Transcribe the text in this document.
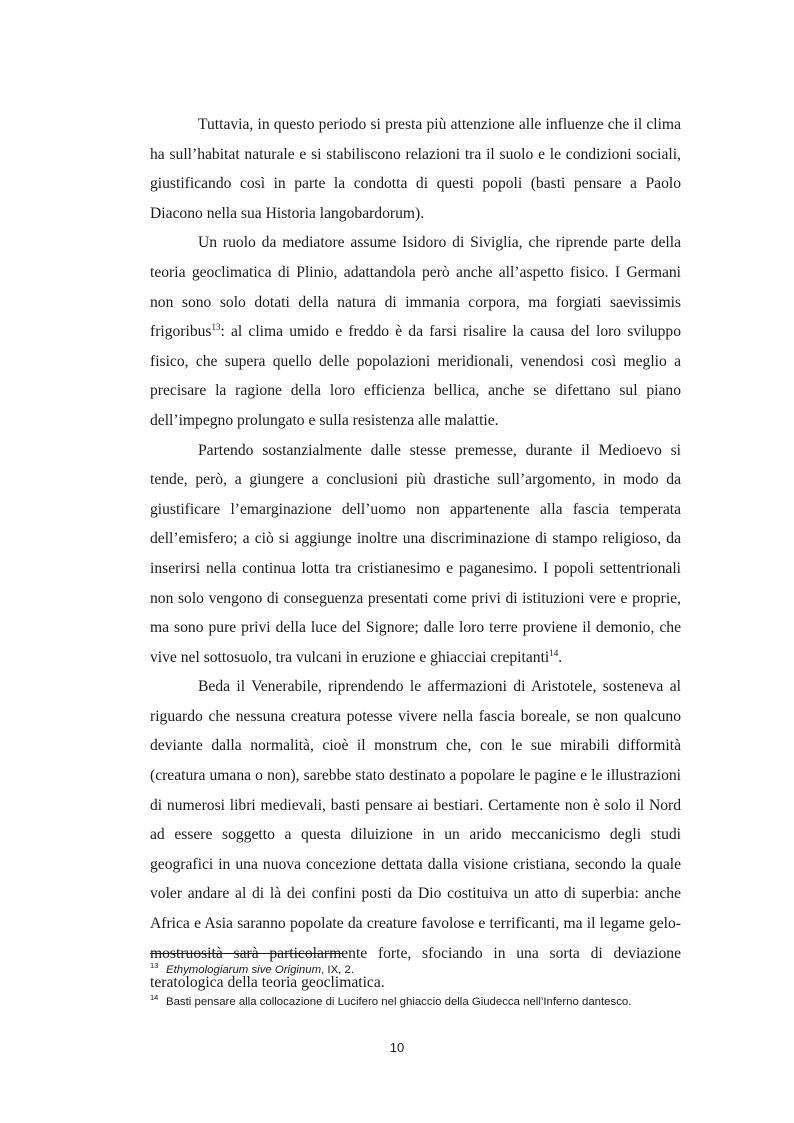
Tuttavia, in questo periodo si presta più attenzione alle influenze che il clima ha sull’habitat naturale e si stabiliscono relazioni tra il suolo e le condizioni sociali, giustificando così in parte la condotta di questi popoli (basti pensare a Paolo Diacono nella sua Historia langobardorum).

Un ruolo da mediatore assume Isidoro di Siviglia, che riprende parte della teoria geoclimatica di Plinio, adattandola però anche all’aspetto fisico. I Germani non sono solo dotati della natura di immania corpora, ma forgiati saevissimis frigoribus$^{13}$: al clima umido e freddo è da farsi risalire la causa del loro sviluppo fisico, che supera quello delle popolazioni meridionali, venendosi così meglio a precisare la ragione della loro efficienza bellica, anche se difettano sul piano dell’impegno prolungato e sulla resistenza alle malattie.

Partendo sostanzialmente dalle stesse premesse, durante il Medioevo si tende, però, a giungere a conclusioni più drastiche sull’argomento, in modo da giustificare l’emarginazione dell’uomo non appartenente alla fascia temperata dell’emisfero; a ciò si aggiunge inoltre una discriminazione di stampo religioso, da inserirsi nella continua lotta tra cristianesimo e paganesimo. I popoli settentrionali non solo vengono di conseguenza presentati come privi di istituzioni vere e proprie, ma sono pure privi della luce del Signore; dalle loro terre proviene il demonio, che vive nel sottosuolo, tra vulcani in eruzione e ghiacciai crepitanti$^{14}$.

Beda il Venerabile, riprendendo le affermazioni di Aristotele, sosteneva al riguardo che nessuna creatura potesse vivere nella fascia boreale, se non qualcuno deviante dalla normalità, cioè il monstrum che, con le sue mirabili difformità (creatura umana o non), sarebbe stato destinato a popolare le pagine e le illustrazioni di numerosi libri medievali, basti pensare ai bestiari. Certamente non è solo il Nord ad essere soggetto a questa diluizione in un arido meccanicismo degli studi geografici in una nuova concezione dettata dalla visione cristiana, secondo la quale voler andare al di là dei confini posti da Dio costituiva un atto di superbia: anche Africa e Asia saranno popolate da creature favolose e terrificanti, ma il legame gelo-mostruosità sarà particolarmente forte, sfociando in una sorta di deviazione teratologica della teoria geoclimatica.

13 Ethymologiarum sive Originum, IX, 2.
14 Basti pensare alla collocazione di Lucifero nel ghiaccio della Giudecca nell’Inferno dantesco.
10
